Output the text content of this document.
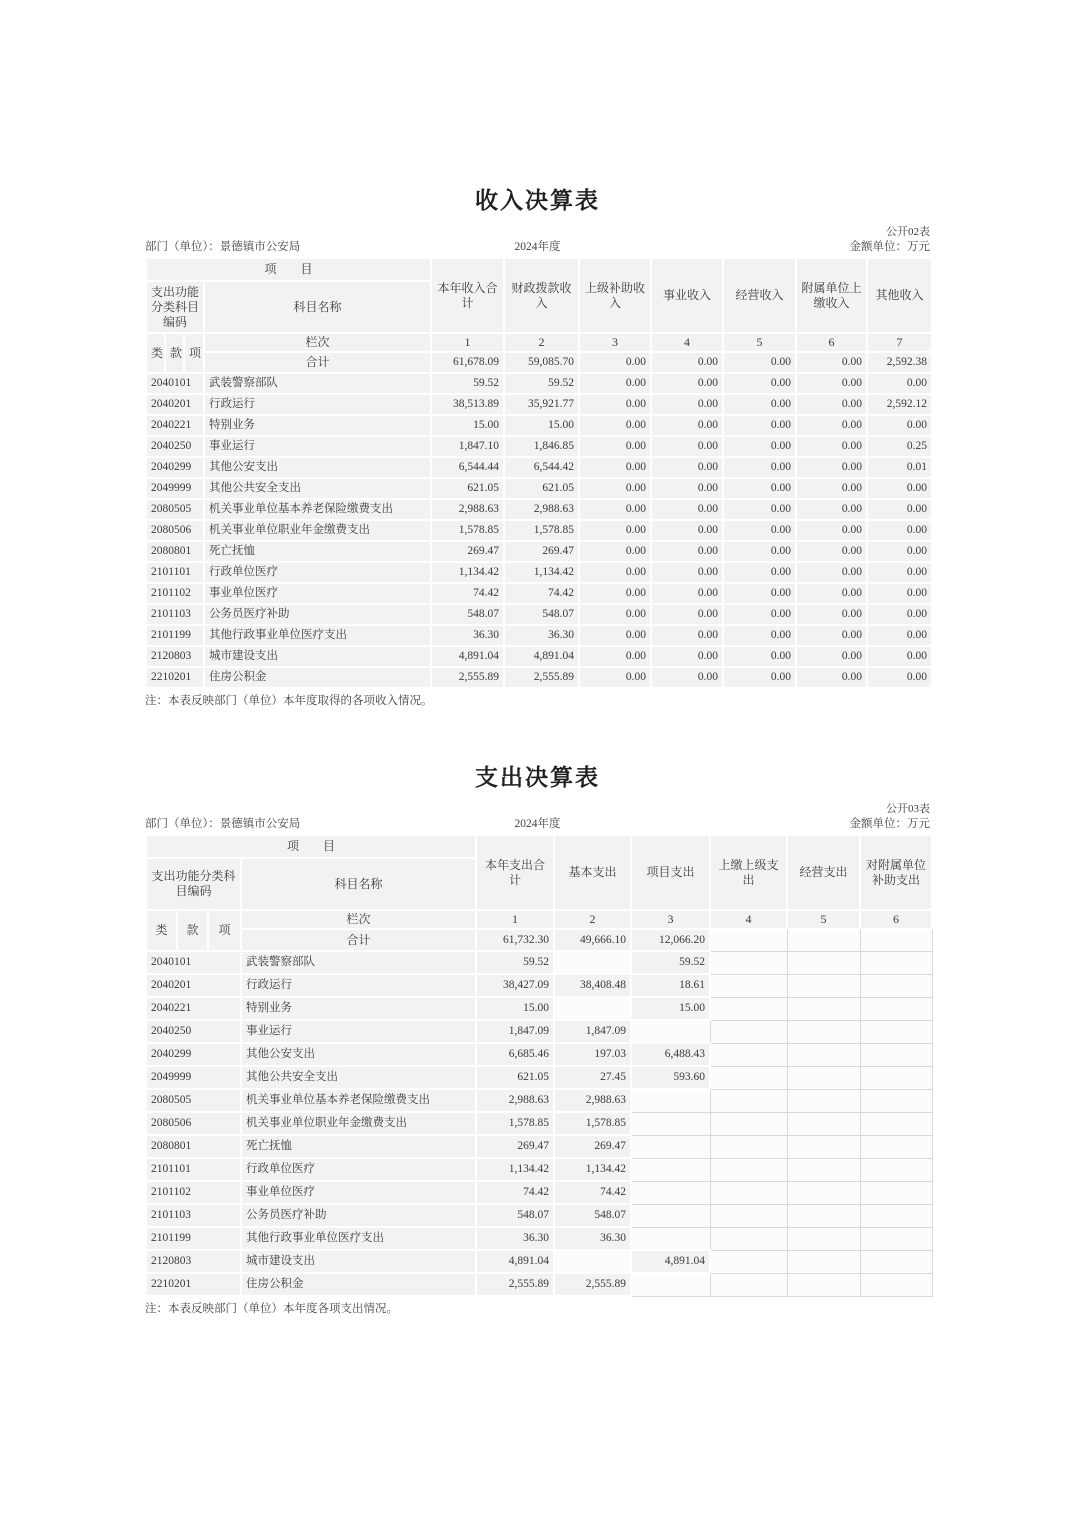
收入决算表
公开02表
部门（单位）：景德镇市公安局	2024年度	金额单位：万元
项　　目				本年收入合计	财政拨款收入	上级补助收入	事业收入	经营收入	附属单位上缴收入	其他收入
支出功能分类科目编码			科目名称							
类	款	项	栏次	1	2	3	4	5	6	7
			合计	61,678.09	59,085.70	0.00	0.00	0.00	0.00	2,592.38
2040101			武装警察部队	59.52	59.52	0.00	0.00	0.00	0.00	0.00
2040201			行政运行	38,513.89	35,921.77	0.00	0.00	0.00	0.00	2,592.12
2040221			特别业务	15.00	15.00	0.00	0.00	0.00	0.00	0.00
2040250			事业运行	1,847.10	1,846.85	0.00	0.00	0.00	0.00	0.25
2040299			其他公安支出	6,544.44	6,544.42	0.00	0.00	0.00	0.00	0.01
2049999			其他公共安全支出	621.05	621.05	0.00	0.00	0.00	0.00	0.00
2080505			机关事业单位基本养老保险缴费支出	2,988.63	2,988.63	0.00	0.00	0.00	0.00	0.00
2080506			机关事业单位职业年金缴费支出	1,578.85	1,578.85	0.00	0.00	0.00	0.00	0.00
2080801			死亡抚恤	269.47	269.47	0.00	0.00	0.00	0.00	0.00
2101101			行政单位医疗	1,134.42	1,134.42	0.00	0.00	0.00	0.00	0.00
2101102			事业单位医疗	74.42	74.42	0.00	0.00	0.00	0.00	0.00
2101103			公务员医疗补助	548.07	548.07	0.00	0.00	0.00	0.00	0.00
2101199			其他行政事业单位医疗支出	36.30	36.30	0.00	0.00	0.00	0.00	0.00
2120803			城市建设支出	4,891.04	4,891.04	0.00	0.00	0.00	0.00	0.00
2210201			住房公积金	2,555.89	2,555.89	0.00	0.00	0.00	0.00	0.00
注：本表反映部门（单位）本年度取得的各项收入情况。
支出决算表
公开03表
部门（单位）：景德镇市公安局	2024年度	金额单位：万元
项　　目				本年支出合计	基本支出	项目支出	上缴上级支出	经营支出	对附属单位补助支出
支出功能分类科目编码			科目名称						
类	款	项	栏次	1	2	3	4	5	6
			合计	61,732.30	49,666.10	12,066.20			
2040101			武装警察部队	59.52		59.52			
2040201			行政运行	38,427.09	38,408.48	18.61			
2040221			特别业务	15.00		15.00			
2040250			事业运行	1,847.09	1,847.09				
2040299			其他公安支出	6,685.46	197.03	6,488.43			
2049999			其他公共安全支出	621.05	27.45	593.60			
2080505			机关事业单位基本养老保险缴费支出	2,988.63	2,988.63				
2080506			机关事业单位职业年金缴费支出	1,578.85	1,578.85				
2080801			死亡抚恤	269.47	269.47				
2101101			行政单位医疗	1,134.42	1,134.42				
2101102			事业单位医疗	74.42	74.42				
2101103			公务员医疗补助	548.07	548.07				
2101199			其他行政事业单位医疗支出	36.30	36.30				
2120803			城市建设支出	4,891.04		4,891.04			
2210201			住房公积金	2,555.89	2,555.89				
注：本表反映部门（单位）本年度各项支出情况。
